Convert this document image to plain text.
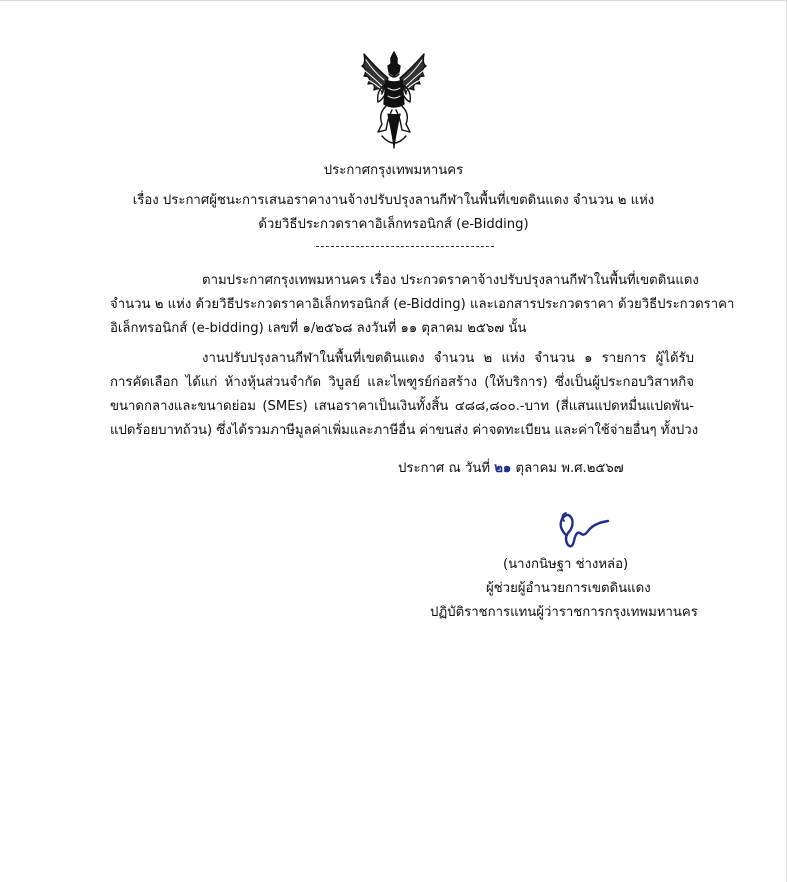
ประกาศกรุงเทพมหานคร
เรื่อง ประกาศผู้ชนะการเสนอราคางานจ้างปรับปรุงลานกีฬาในพื้นที่เขตดินแดง จำนวน ๒ แห่ง
ด้วยวิธีประกวดราคาอิเล็กทรอนิกส์ (e-Bidding)
ตามประกาศกรุงเทพมหานคร เรื่อง ประกวดราคาจ้างปรับปรุงลานกีฬาในพื้นที่เขตดินแดง
จำนวน ๒ แห่ง ด้วยวิธีประกวดราคาอิเล็กทรอนิกส์ (e-Bidding) และเอกสารประกวดราคา ด้วยวิธีประกวดราคา
อิเล็กทรอนิกส์ (e-bidding) เลขที่ ๑/๒๕๖๘ ลงวันที่ ๑๑ ตุลาคม ๒๕๖๗ นั้น
งานปรับปรุงลานกีฬาในพื้นที่เขตดินแดง จำนวน ๒ แห่ง จำนวน ๑ รายการ ผู้ได้รับ
การคัดเลือก ได้แก่ ห้างหุ้นส่วนจำกัด วิบูลย์ และไพฑูรย์ก่อสร้าง (ให้บริการ) ซึ่งเป็นผู้ประกอบวิสาหกิจ
ขนาดกลางและขนาดย่อม (SMEs) เสนอราคาเป็นเงินทั้งสิ้น ๔๘๘,๘๐๐.-บาท (สี่แสนแปดหมื่นแปดพัน-
แปดร้อยบาทถ้วน) ซึ่งได้รวมภาษีมูลค่าเพิ่มและภาษีอื่น ค่าขนส่ง ค่าจดทะเบียน และค่าใช้จ่ายอื่นๆ ทั้งปวง
ประกาศ ณ วันที่ ๒๑ ตุลาคม พ.ศ.๒๕๖๗
(นางกนิษฐา ช่างหล่อ)
ผู้ช่วยผู้อำนวยการเขตดินแดง
ปฏิบัติราชการแทนผู้ว่าราชการกรุงเทพมหานคร
